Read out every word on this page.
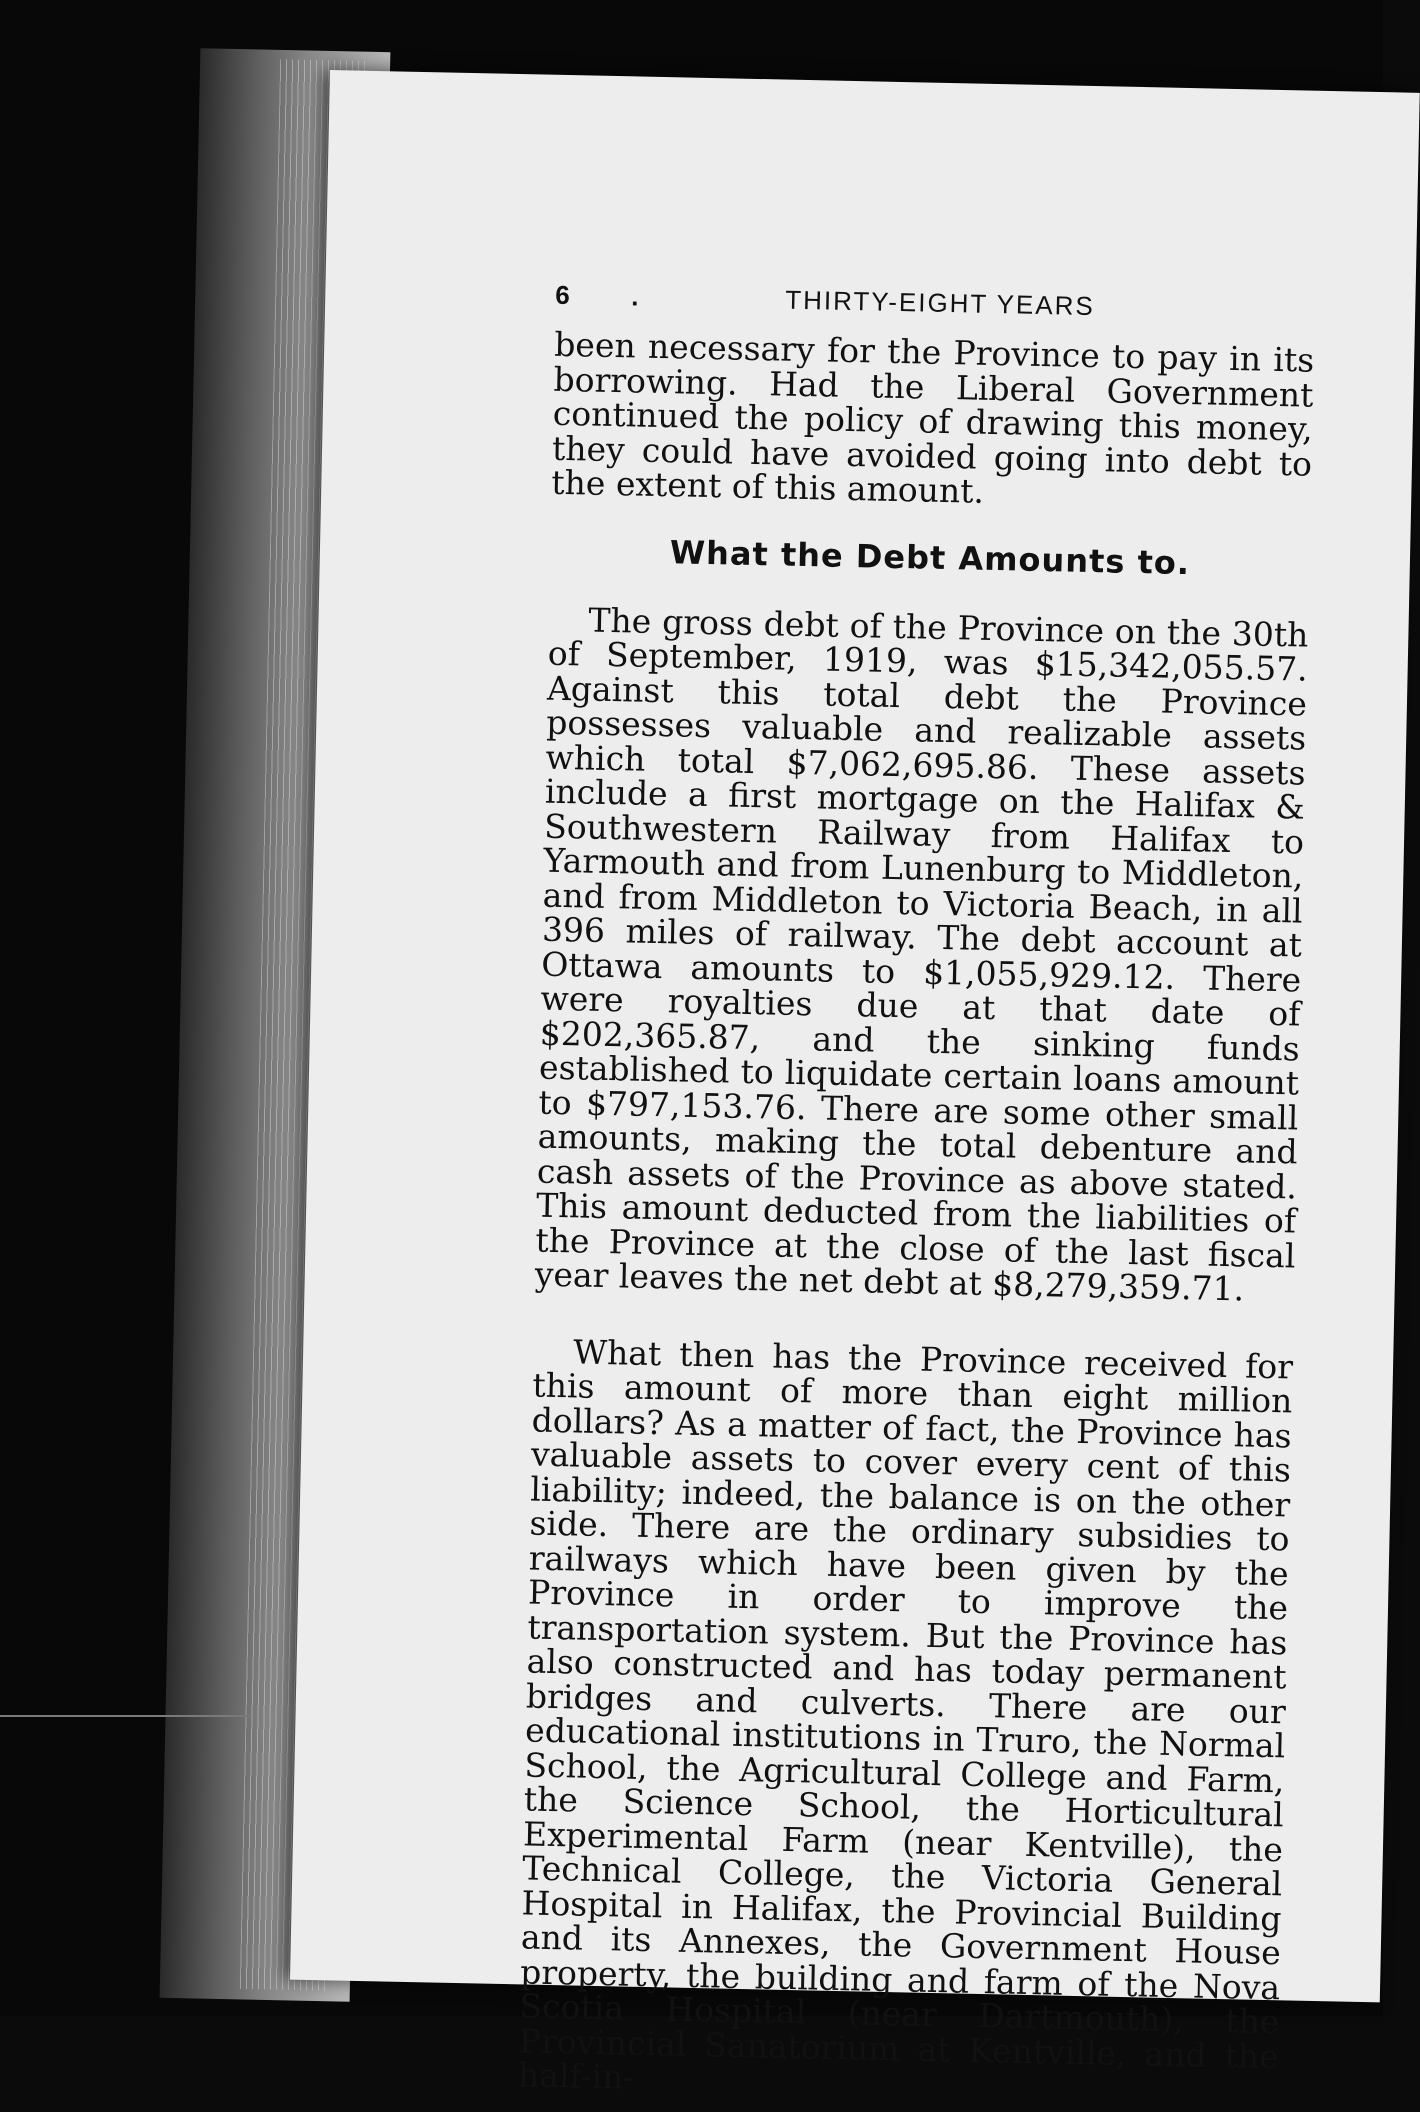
6 .	THIRTY-EIGHT YEARS

been necessary for the Province to pay in its borrowing. Had the Liberal Government continued the policy of drawing this money, they could have avoided going into debt to the extent of this amount.

What the Debt Amounts to.

The gross debt of the Province on the 30th of September, 1919, was $15,342,055.57. Against this total debt the Province possesses valuable and realizable assets which total $7,062,695.86. These assets include a first mortgage on the Halifax & Southwestern Railway from Halifax to Yarmouth and from Lunenburg to Middleton, and from Middleton to Victoria Beach, in all 396 miles of railway. The debt account at Ottawa amounts to $1,055,929.12. There were royalties due at that date of $202,365.87, and the sinking funds established to liquidate certain loans amount to $797,153.76. There are some other small amounts, making the total debenture and cash assets of the Province as above stated. This amount deducted from the liabilities of the Province at the close of the last fiscal year leaves the net debt at $8,279,359.71.

What then has the Province received for this amount of more than eight million dollars? As a matter of fact, the Province has valuable assets to cover every cent of this liability; indeed, the balance is on the other side. There are the ordinary subsidies to railways which have been given by the Province in order to improve the transportation system. But the Province has also constructed and has today permanent bridges and culverts. There are our educational institutions in Truro, the Normal School, the Agricultural College and Farm, the Science School, the Horticultural Experimental Farm (near Kentville), the Technical College, the Victoria General Hospital in Halifax, the Provincial Building and its Annexes, the Government House property, the building and farm of the Nova Scotia Hospital (near Dartmouth), the Provincial Sanatorium at Kentville, and the half-in-
